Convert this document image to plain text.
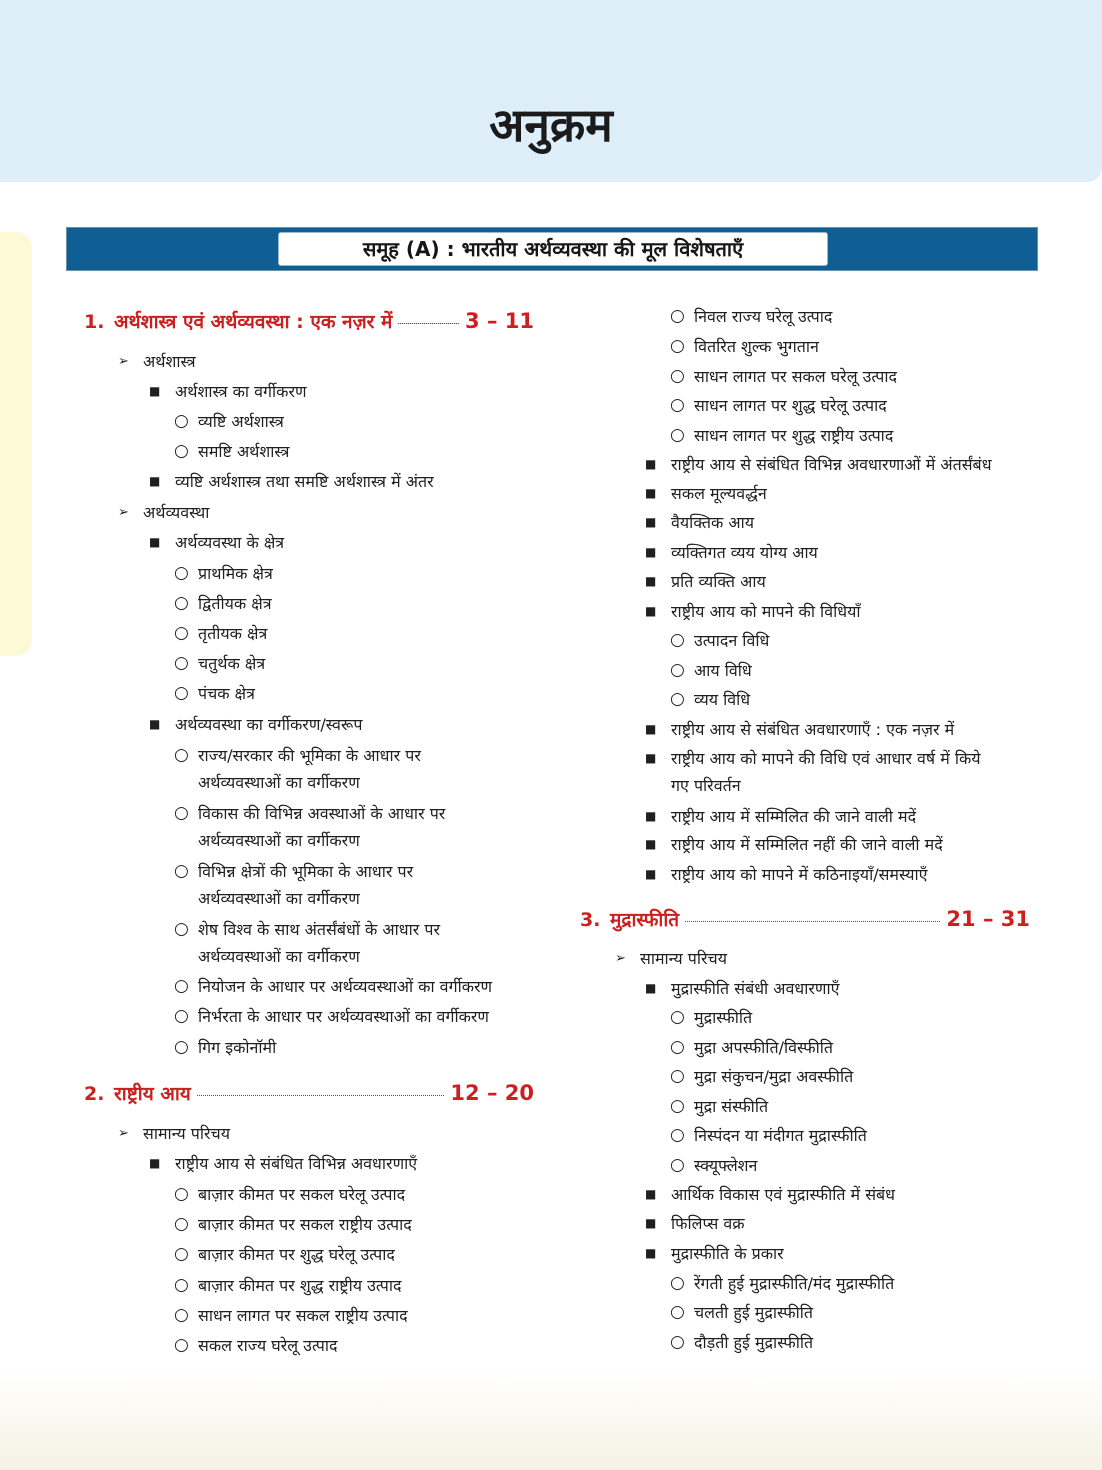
अनुक्रम
समूह (A) : भारतीय अर्थव्यवस्था की मूल विशेषताएँ
1. अर्थशास्त्र एवं अर्थव्यवस्था : एक नज़र में	3 – 11
2. राष्ट्रीय आय	12 – 20
3. मुद्रास्फीति	21 – 31
➢ अर्थशास्त्र
■ अर्थशास्त्र का वर्गीकरण
○ व्यष्टि अर्थशास्त्र
○ समष्टि अर्थशास्त्र
■ व्यष्टि अर्थशास्त्र तथा समष्टि अर्थशास्त्र में अंतर
➢ अर्थव्यवस्था
■ अर्थव्यवस्था के क्षेत्र
○ प्राथमिक क्षेत्र
○ द्वितीयक क्षेत्र
○ तृतीयक क्षेत्र
○ चतुर्थक क्षेत्र
○ पंचक क्षेत्र
■ अर्थव्यवस्था का वर्गीकरण/स्वरूप
○ राज्य/सरकार की भूमिका के आधार पर
अर्थव्यवस्थाओं का वर्गीकरण
○ विकास की विभिन्न अवस्थाओं के आधार पर
अर्थव्यवस्थाओं का वर्गीकरण
○ विभिन्न क्षेत्रों की भूमिका के आधार पर
अर्थव्यवस्थाओं का वर्गीकरण
○ शेष विश्व के साथ अंतर्संबंधों के आधार पर
अर्थव्यवस्थाओं का वर्गीकरण
○ नियोजन के आधार पर अर्थव्यवस्थाओं का वर्गीकरण
○ निर्भरता के आधार पर अर्थव्यवस्थाओं का वर्गीकरण
○ गिग इकोनॉमी
➢ सामान्य परिचय
■ राष्ट्रीय आय से संबंधित विभिन्न अवधारणाएँ
○ बाज़ार कीमत पर सकल घरेलू उत्पाद
○ बाज़ार कीमत पर सकल राष्ट्रीय उत्पाद
○ बाज़ार कीमत पर शुद्ध घरेलू उत्पाद
○ बाज़ार कीमत पर शुद्ध राष्ट्रीय उत्पाद
○ साधन लागत पर सकल राष्ट्रीय उत्पाद
○ सकल राज्य घरेलू उत्पाद
○ निवल राज्य घरेलू उत्पाद
○ वितरित शुल्क भुगतान
○ साधन लागत पर सकल घरेलू उत्पाद
○ साधन लागत पर शुद्ध घरेलू उत्पाद
○ साधन लागत पर शुद्ध राष्ट्रीय उत्पाद
■ राष्ट्रीय आय से संबंधित विभिन्न अवधारणाओं में अंतर्संबंध
■ सकल मूल्यवर्द्धन
■ वैयक्तिक आय
■ व्यक्तिगत व्यय योग्य आय
■ प्रति व्यक्ति आय
■ राष्ट्रीय आय को मापने की विधियाँ
○ उत्पादन विधि
○ आय विधि
○ व्यय विधि
■ राष्ट्रीय आय से संबंधित अवधारणाएँ : एक नज़र में
■ राष्ट्रीय आय को मापने की विधि एवं आधार वर्ष में किये
गए परिवर्तन
■ राष्ट्रीय आय में सम्मिलित की जाने वाली मदें
■ राष्ट्रीय आय में सम्मिलित नहीं की जाने वाली मदें
■ राष्ट्रीय आय को मापने में कठिनाइयाँ/समस्याएँ
➢ सामान्य परिचय
■ मुद्रास्फीति संबंधी अवधारणाएँ
○ मुद्रास्फीति
○ मुद्रा अपस्फीति/विस्फीति
○ मुद्रा संकुचन/मुद्रा अवस्फीति
○ मुद्रा संस्फीति
○ निस्पंदन या मंदीगत मुद्रास्फीति
○ स्क्यूफ्लेशन
■ आर्थिक विकास एवं मुद्रास्फीति में संबंध
■ फिलिप्स वक्र
■ मुद्रास्फीति के प्रकार
○ रेंगती हुई मुद्रास्फीति/मंद मुद्रास्फीति
○ चलती हुई मुद्रास्फीति
○ दौड़ती हुई मुद्रास्फीति
